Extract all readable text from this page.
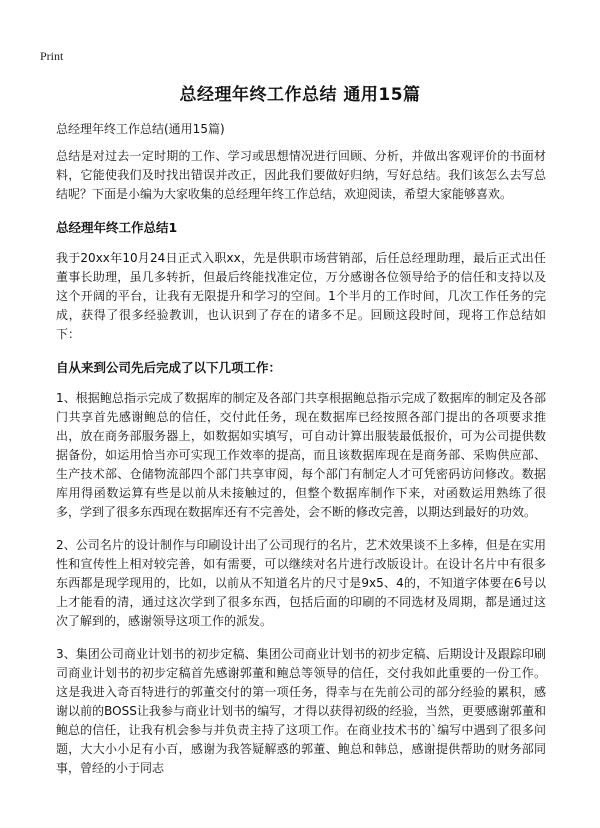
Print
总经理年终工作总结 通用15篇

总经理年终工作总结(通用15篇)

总结是对过去一定时期的工作、学习或思想情况进行回顾、分析，并做出客观评价的书面材料，它能使我们及时找出错误并改正，因此我们要做好归纳，写好总结。我们该怎么去写总结呢？下面是小编为大家收集的总经理年终工作总结，欢迎阅读，希望大家能够喜欢。

总经理年终工作总结1

我于20xx年10月24日正式入职xx，先是供职市场营销部，后任总经理助理，最后正式出任董事长助理，虽几多转折，但最后终能找准定位，万分感谢各位领导给予的信任和支持以及这个开阔的平台，让我有无限提升和学习的空间。1个半月的工作时间，几次工作任务的完成，获得了很多经验教训，也认识到了存在的诸多不足。回顾这段时间，现将工作总结如下：

自从来到公司先后完成了以下几项工作：

1、根据鲍总指示完成了数据库的制定及各部门共享根据鲍总指示完成了数据库的制定及各部门共享首先感谢鲍总的信任，交付此任务，现在数据库已经按照各部门提出的各项要求推出，放在商务部服务器上，如数据如实填写，可自动计算出服装最低报价，可为公司提供数据备份，如运用恰当亦可实现工作效率的提高，而且该数据库现在是商务部、采购供应部、生产技术部、仓储物流部四个部门共享审阅，每个部门有制定人才可凭密码访问修改。数据库用得函数运算有些是以前从未接触过的，但整个数据库制作下来，对函数运用熟练了很多，学到了很多东西现在数据库还有不完善处，会不断的修改完善，以期达到最好的功效。

2、公司名片的设计制作与印刷设计出了公司现行的名片，艺术效果谈不上多棒，但是在实用性和宣传性上相对较完善，如有需要，可以继续对名片进行改版设计。在设计名片中有很多东西都是现学现用的，比如，以前从不知道名片的尺寸是9x5、4的，不知道字体要在6号以上才能看的清，通过这次学到了很多东西，包括后面的印刷的不同选材及周期，都是通过这次了解到的，感谢领导这项工作的派发。

3、集团公司商业计划书的初步定稿、集团公司商业计划书的初步定稿、后期设计及跟踪印刷司商业计划书的初步定稿首先感谢郭董和鲍总等领导的信任，交付我如此重要的一份工作。这是我进入奇百特进行的郭董交付的第一项任务，得幸与在先前公司的部分经验的累积，感谢以前的BOSS让我参与商业计划书的编写，才得以获得初级的经验，当然，更要感谢郭董和鲍总的信任，让我有机会参与并负责主持了这项工作。在商业技术书的`编写中遇到了很多问题，大大小小足有小百，感谢为我答疑解惑的郭董、鲍总和韩总，感谢提供帮助的财务部同事，曾经的小于同志
